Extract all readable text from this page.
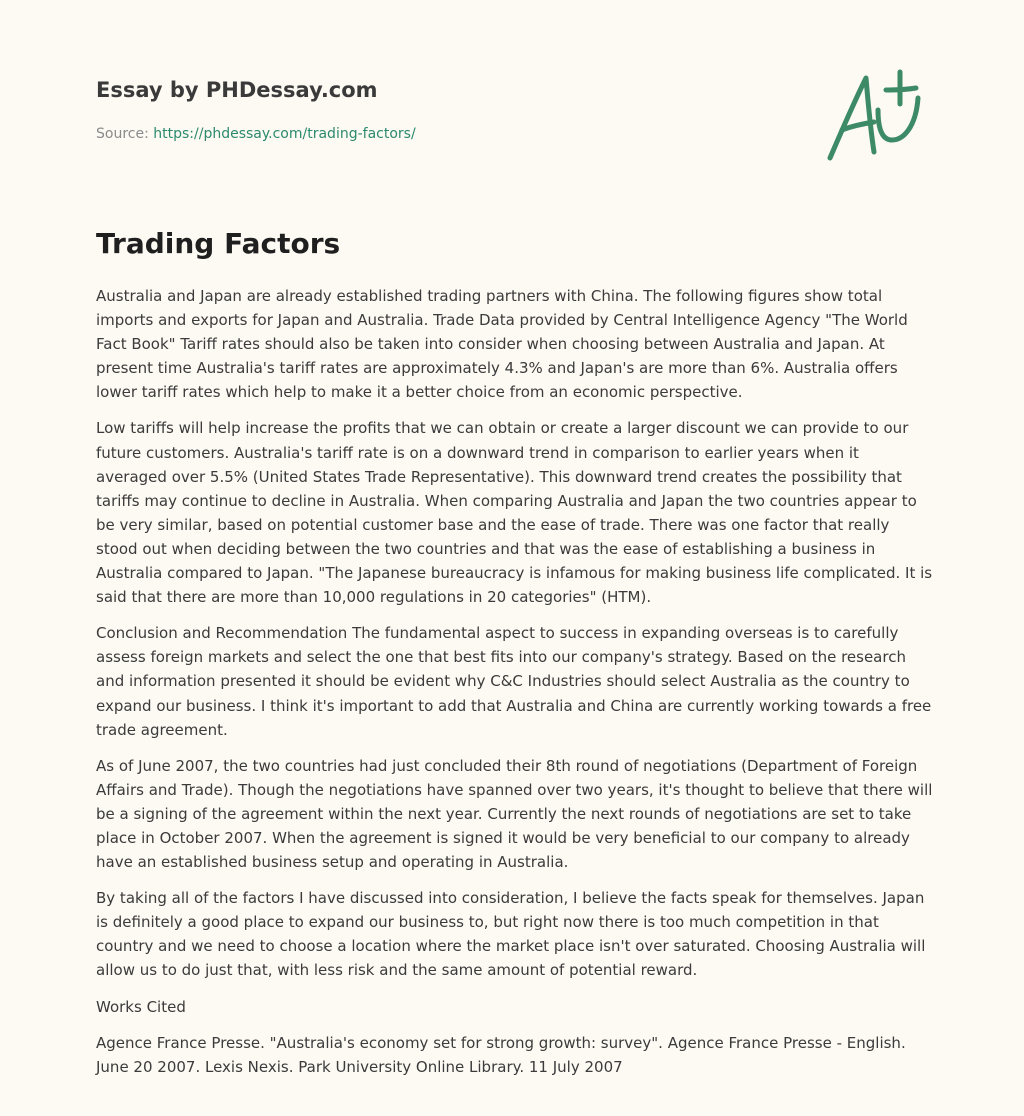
Essay by PHDessay.com
Source: https://phdessay.com/trading-factors/
Trading Factors

Australia and Japan are already established trading partners with China. The following figures show total imports and exports for Japan and Australia. Trade Data provided by Central Intelligence Agency "The World Fact Book" Tariff rates should also be taken into consider when choosing between Australia and Japan. At present time Australia's tariff rates are approximately 4.3% and Japan's are more than 6%. Australia offers lower tariff rates which help to make it a better choice from an economic perspective.

Low tariffs will help increase the profits that we can obtain or create a larger discount we can provide to our future customers. Australia's tariff rate is on a downward trend in comparison to earlier years when it averaged over 5.5% (United States Trade Representative). This downward trend creates the possibility that tariffs may continue to decline in Australia. When comparing Australia and Japan the two countries appear to be very similar, based on potential customer base and the ease of trade. There was one factor that really stood out when deciding between the two countries and that was the ease of establishing a business in Australia compared to Japan. "The Japanese bureaucracy is infamous for making business life complicated. It is said that there are more than 10,000 regulations in 20 categories" (HTM).

Conclusion and Recommendation The fundamental aspect to success in expanding overseas is to carefully assess foreign markets and select the one that best fits into our company's strategy. Based on the research and information presented it should be evident why C&C Industries should select Australia as the country to expand our business. I think it's important to add that Australia and China are currently working towards a free trade agreement.

As of June 2007, the two countries had just concluded their 8th round of negotiations (Department of Foreign Affairs and Trade). Though the negotiations have spanned over two years, it's thought to believe that there will be a signing of the agreement within the next year. Currently the next rounds of negotiations are set to take place in October 2007. When the agreement is signed it would be very beneficial to our company to already have an established business setup and operating in Australia.

By taking all of the factors I have discussed into consideration, I believe the facts speak for themselves. Japan is definitely a good place to expand our business to, but right now there is too much competition in that country and we need to choose a location where the market place isn't over saturated. Choosing Australia will allow us to do just that, with less risk and the same amount of potential reward.

Works Cited

Agence France Presse. "Australia's economy set for strong growth: survey". Agence France Presse - English. June 20 2007. Lexis Nexis. Park University Online Library. 11 July 2007
